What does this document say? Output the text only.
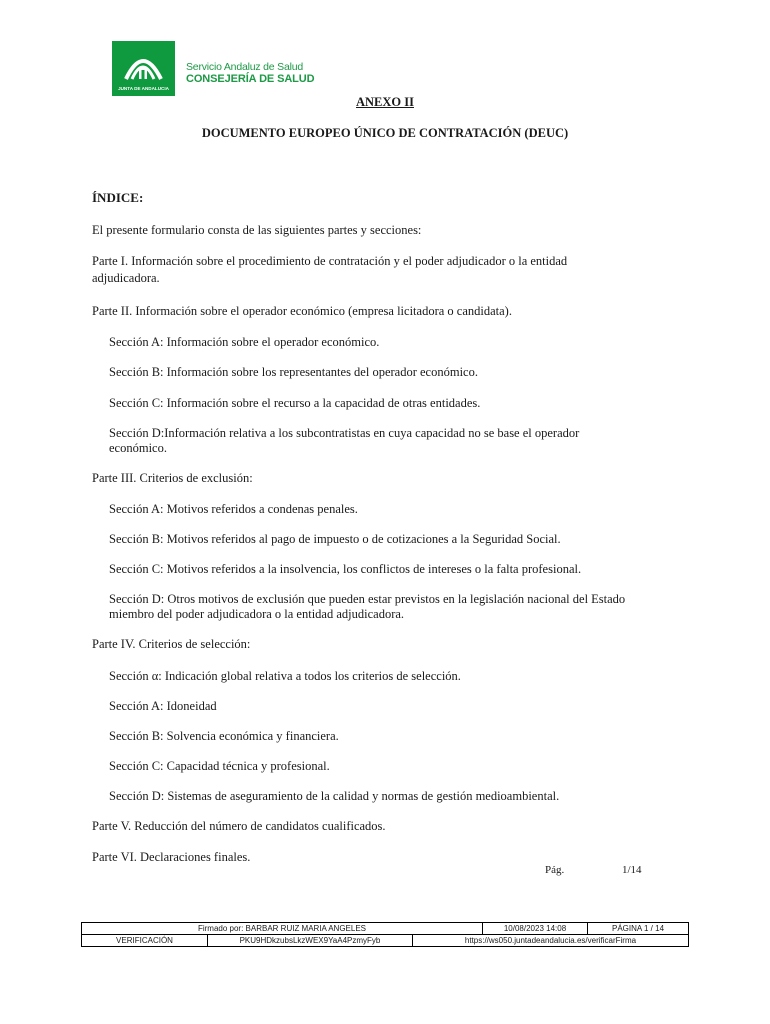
JUNTA DE ANDALUCIA
Servicio Andaluz de Salud
CONSEJERÍA DE SALUD
ANEXO II
DOCUMENTO EUROPEO ÚNICO DE CONTRATACIÓN (DEUC)
ÍNDICE:
El presente formulario consta de las siguientes partes y secciones:
Parte I. Información sobre el procedimiento de contratación y el poder adjudicador o la entidad
adjudicadora.
Parte II. Información sobre el operador económico (empresa licitadora o candidata).
Sección A: Información sobre el operador económico.
Sección B: Información sobre los representantes del operador económico.
Sección C: Información sobre el recurso a la capacidad de otras entidades.
Sección D:Información relativa a los subcontratistas en cuya capacidad no se base el operador
económico.
Parte III. Criterios de exclusión:
Sección A: Motivos referidos a condenas penales.
Sección B: Motivos referidos al pago de impuesto o de cotizaciones a la Seguridad Social.
Sección C: Motivos referidos a la insolvencia, los conflictos de intereses o la falta profesional.
Sección D: Otros motivos de exclusión que pueden estar previstos en la legislación nacional del Estado
miembro del poder adjudicadora o la entidad adjudicadora.
Parte IV. Criterios de selección:
Sección α: Indicación global relativa a todos los criterios de selección.
Sección A: Idoneidad
Sección B: Solvencia económica y financiera.
Sección C: Capacidad técnica y profesional.
Sección D: Sistemas de aseguramiento de la calidad y normas de gestión medioambiental.
Parte V. Reducción del número de candidatos cualificados.
Parte VI. Declaraciones finales.
Pág.	1/14
Firmado por: BARBAR RUIZ MARIA ANGELES			10/08/2023 14:08	PÁGINA 1 / 14
VERIFICACIÓN	PKU9HDkzubsLkzWEX9YaA4PzmyFyb	https://ws050.juntadeandalucia.es/verificarFirma		
